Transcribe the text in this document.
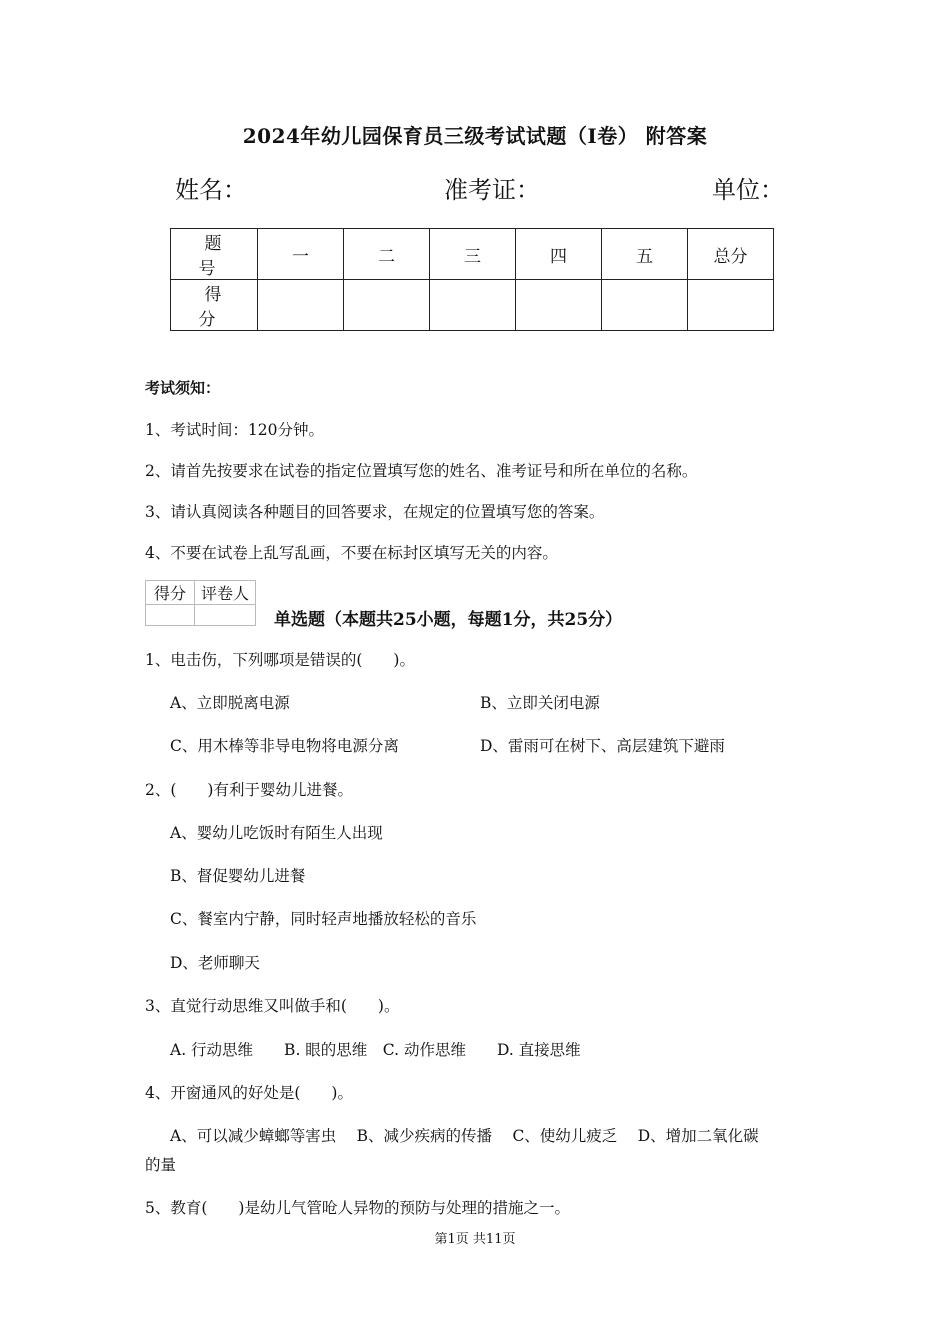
2024年幼儿园保育员三级考试试题（I卷） 附答案
姓名：	准考证：	单位：
题　号	一	二	三	四	五	总分
得　分						
考试须知：
1、考试时间：120分钟。
2、请首先按要求在试卷的指定位置填写您的姓名、准考证号和所在单位的名称。
3、请认真阅读各种题目的回答要求，在规定的位置填写您的答案。
4、不要在试卷上乱写乱画，不要在标封区填写无关的内容。
得分	评卷人

单选题（本题共25小题，每题1分，共25分）
1、电击伤，下列哪项是错误的(　　)。
A、立即脱离电源	B、立即关闭电源
C、用木棒等非导电物将电源分离	D、雷雨可在树下、高层建筑下避雨
2、(　　)有利于婴幼儿进餐。
A、婴幼儿吃饭时有陌生人出现
B、督促婴幼儿进餐
C、餐室内宁静，同时轻声地播放轻松的音乐
D、老师聊天
3、直觉行动思维又叫做手和(　　)。
A. 行动思维　　B. 眼的思维　C. 动作思维　　D. 直接思维
4、开窗通风的好处是(　　)。
A、可以减少蟑螂等害虫　 B、减少疾病的传播　 C、使幼儿疲乏　 D、增加二氧化碳
的量
5、教育(　　)是幼儿气管呛人异物的预防与处理的措施之一。
第1页 共11页
